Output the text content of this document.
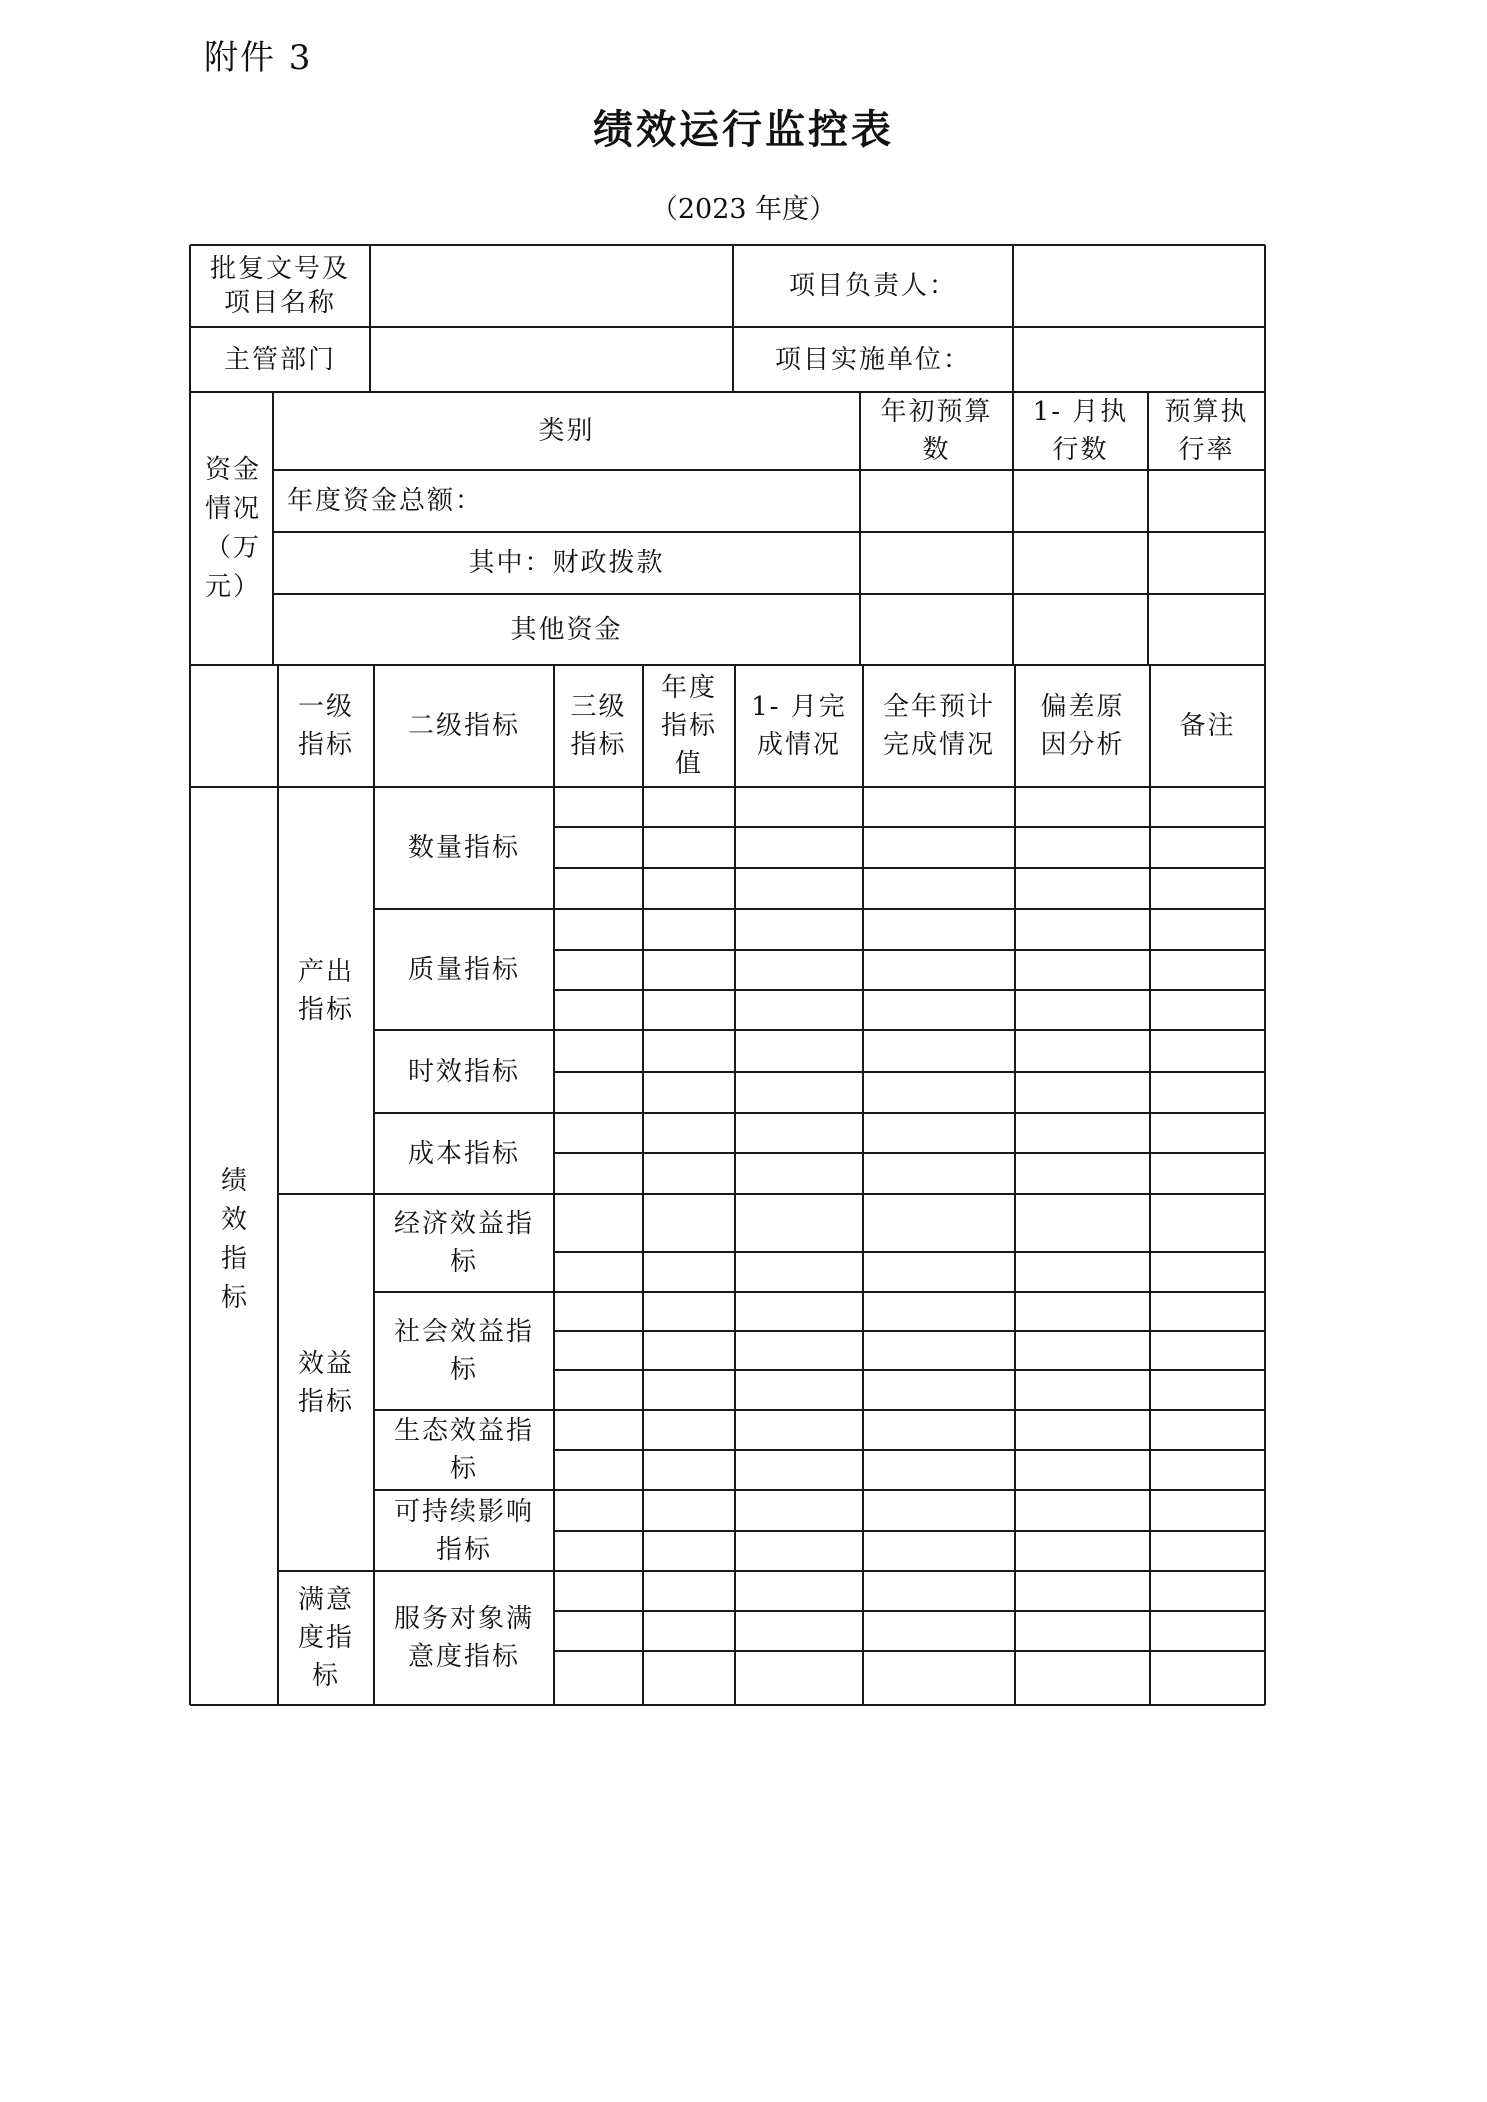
附件 3
绩效运行监控表
（2023 年度）
批复文号及项目名称
项目负责人：
主管部门	项目实施单位：
资金情况（万元）
类别
年初预算数
1- 月执行数
预算执行率
年度资金总额：
其中：财政拨款
其他资金
一级指标
二级指标
三级指标
年度指标值
1- 月完成情况
全年预计完成情况
偏差原因分析
备注
绩效指标
产出指标
效益指标
满意度指标
数量指标
质量指标
时效指标
成本指标
经济效益指标
社会效益指标
生态效益指标
可持续影响指标
服务对象满意度指标
